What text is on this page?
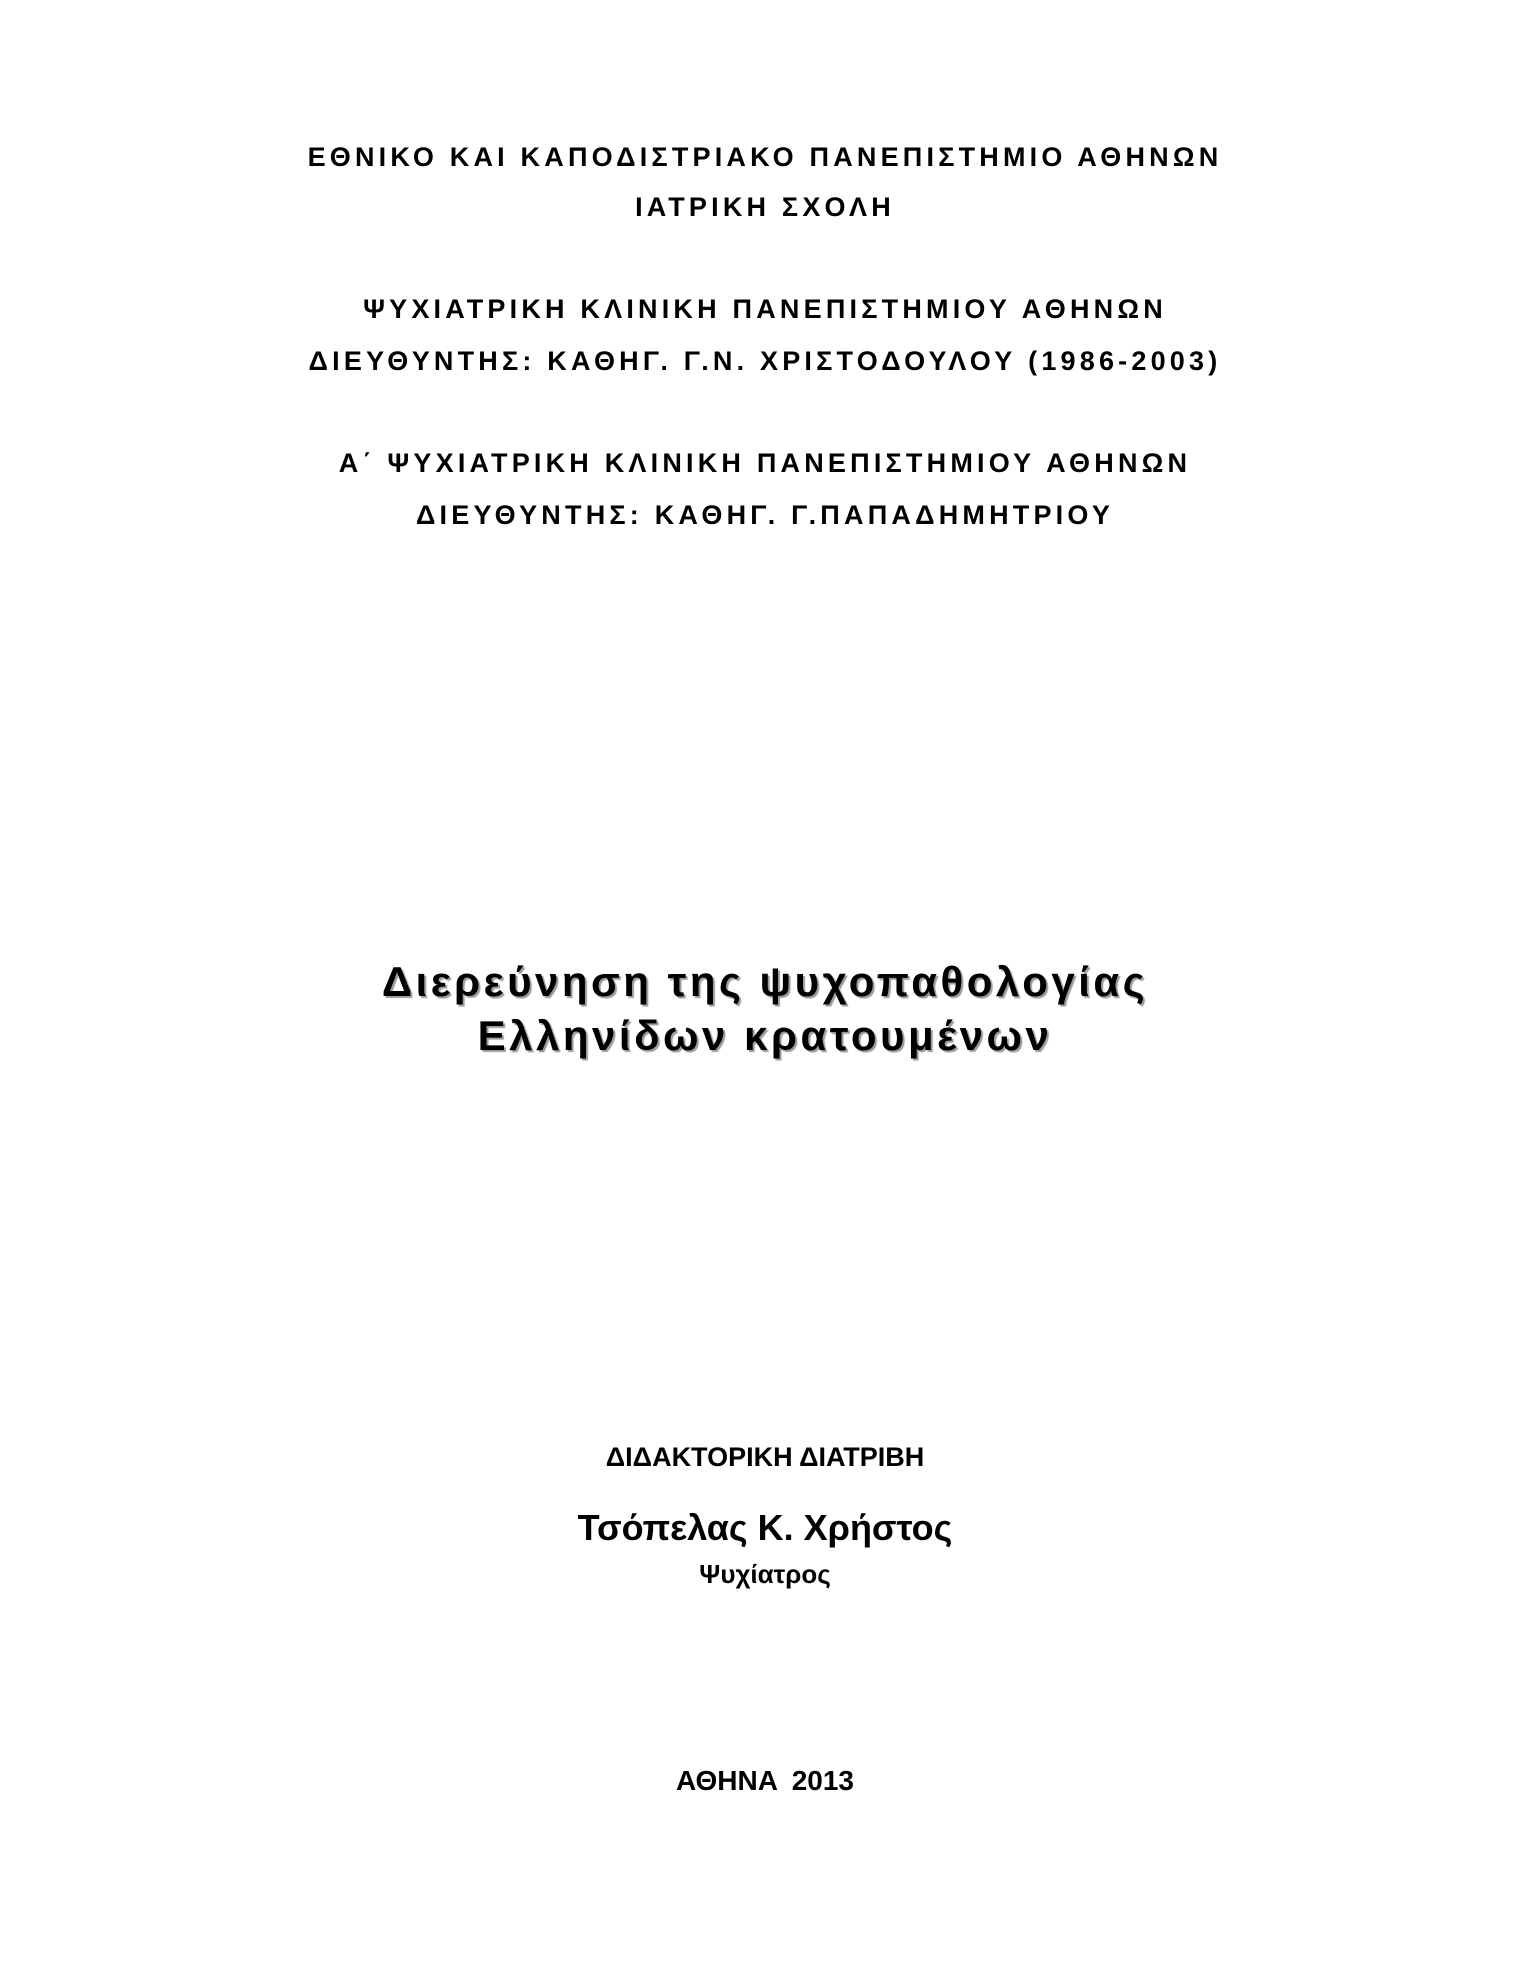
ΕΘΝΙΚΟ ΚΑΙ ΚΑΠΟΔΙΣΤΡΙΑΚΟ ΠΑΝΕΠΙΣΤΗΜΙΟ ΑΘΗΝΩΝ

ΙΑΤΡΙΚΗ ΣΧΟΛΗ

ΨΥΧΙΑΤΡΙΚΗ ΚΛΙΝΙΚΗ ΠΑΝΕΠΙΣΤΗΜΙΟΥ ΑΘΗΝΩΝ

ΔΙΕΥΘΥΝΤΗΣ: ΚΑΘΗΓ. Γ.Ν. ΧΡΙΣΤΟΔΟΥΛΟΥ (1986-2003)

Α΄ ΨΥΧΙΑΤΡΙΚΗ ΚΛΙΝΙΚΗ ΠΑΝΕΠΙΣΤΗΜΙΟΥ ΑΘΗΝΩΝ

ΔΙΕΥΘΥΝΤΗΣ: ΚΑΘΗΓ. Γ.ΠΑΠΑΔΗΜΗΤΡΙΟΥ

Διερεύνηση της ψυχοπαθολογίας

Ελληνίδων κρατουμένων

ΔΙΔΑΚΤΟΡΙΚΗ ΔΙΑΤΡΙΒΗ

Τσόπελας Κ. Χρήστος

Ψυχίατρος

ΑΘΗΝΑ 2013
